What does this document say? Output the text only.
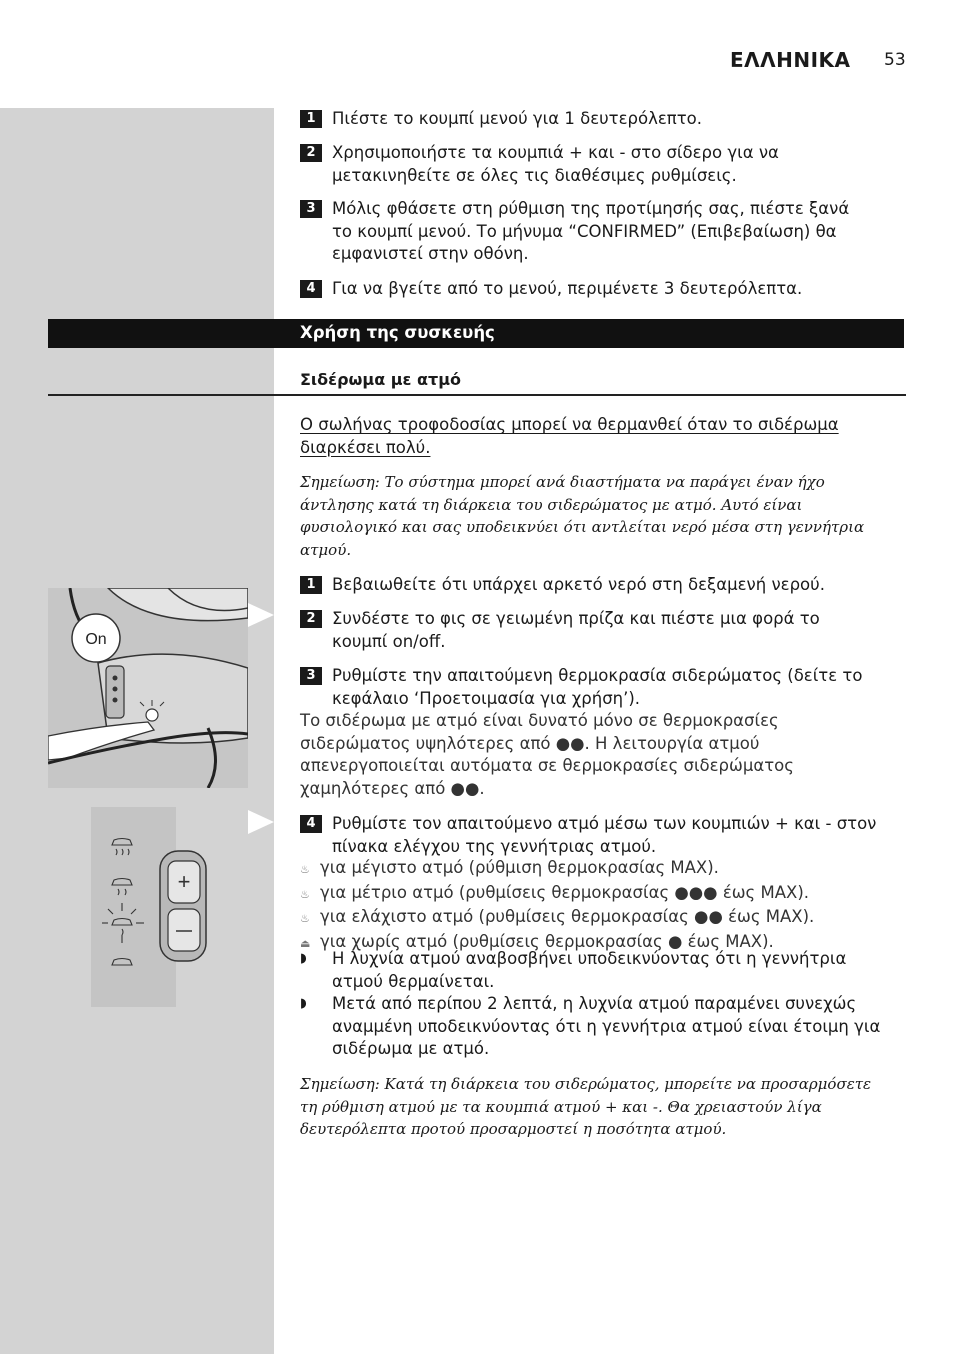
ΕΛΛΗΝΙΚΑ 53
1 Πιέστε το κουμπί μενού για 1 δευτερόλεπτο.
2 Χρησιμοποιήστε τα κουμπιά + και - στο σίδερο για να
μετακινηθείτε σε όλες τις διαθέσιμες ρυθμίσεις.
3 Μόλις φθάσετε στη ρύθμιση της προτίμησής σας, πιέστε ξανά
το κουμπί μενού. Το μήνυμα “CONFIRMED” (Επιβεβαίωση) θα
εμφανιστεί στην οθόνη.
4 Για να βγείτε από το μενού, περιμένετε 3 δευτερόλεπτα.
Χρήση της συσκευής
Σιδέρωμα με ατμό
Ο σωλήνας τροφοδοσίας μπορεί να θερμανθεί όταν το σιδέρωμα
διαρκέσει πολύ.
Σημείωση: Το σύστημα μπορεί ανά διαστήματα να παράγει έναν ήχο
άντλησης κατά τη διάρκεια του σιδερώματος με ατμό. Αυτό είναι
φυσιολογικό και σας υποδεικνύει ότι αντλείται νερό μέσα στη γεννήτρια
ατμού.
1 Βεβαιωθείτε ότι υπάρχει αρκετό νερό στη δεξαμενή νερού.
2 Συνδέστε το φις σε γειωμένη πρίζα και πιέστε μια φορά το
κουμπί on/off.
3 Ρυθμίστε την απαιτούμενη θερμοκρασία σιδερώματος (δείτε το
κεφάλαιο ‘Προετοιμασία για χρήση’).
Το σιδέρωμα με ατμό είναι δυνατό μόνο σε θερμοκρασίες
σιδερώματος υψηλότερες από ●●. Η λειτουργία ατμού
απενεργοποιείται αυτόματα σε θερμοκρασίες σιδερώματος
χαμηλότερες από ●●.
4 Ρυθμίστε τον απαιτούμενο ατμό μέσω των κουμπιών + και - στον
πίνακα ελέγχου της γεννήτριας ατμού.
♨ για μέγιστο ατμό (ρύθμιση θερμοκρασίας MAX).
♨ για μέτριο ατμό (ρυθμίσεις θερμοκρασίας ●●● έως MAX).
♨ για ελάχιστο ατμό (ρυθμίσεις θερμοκρασίας ●● έως MAX).
⏏ για χωρίς ατμό (ρυθμίσεις θερμοκρασίας ● έως MAX).
◗ Η λυχνία ατμού αναβοσβήνει υποδεικνύοντας ότι η γεννήτρια
ατμού θερμαίνεται.
◗ Μετά από περίπου 2 λεπτά, η λυχνία ατμού παραμένει συνεχώς
αναμμένη υποδεικνύοντας ότι η γεννήτρια ατμού είναι έτοιμη για
σιδέρωμα με ατμό.
Σημείωση: Κατά τη διάρκεια του σιδερώματος, μπορείτε να προσαρμόσετε
τη ρύθμιση ατμού με τα κουμπιά ατμού + και -. Θα χρειαστούν λίγα
δευτερόλεπτα προτού προσαρμοστεί η ποσότητα ατμού.
On
+
